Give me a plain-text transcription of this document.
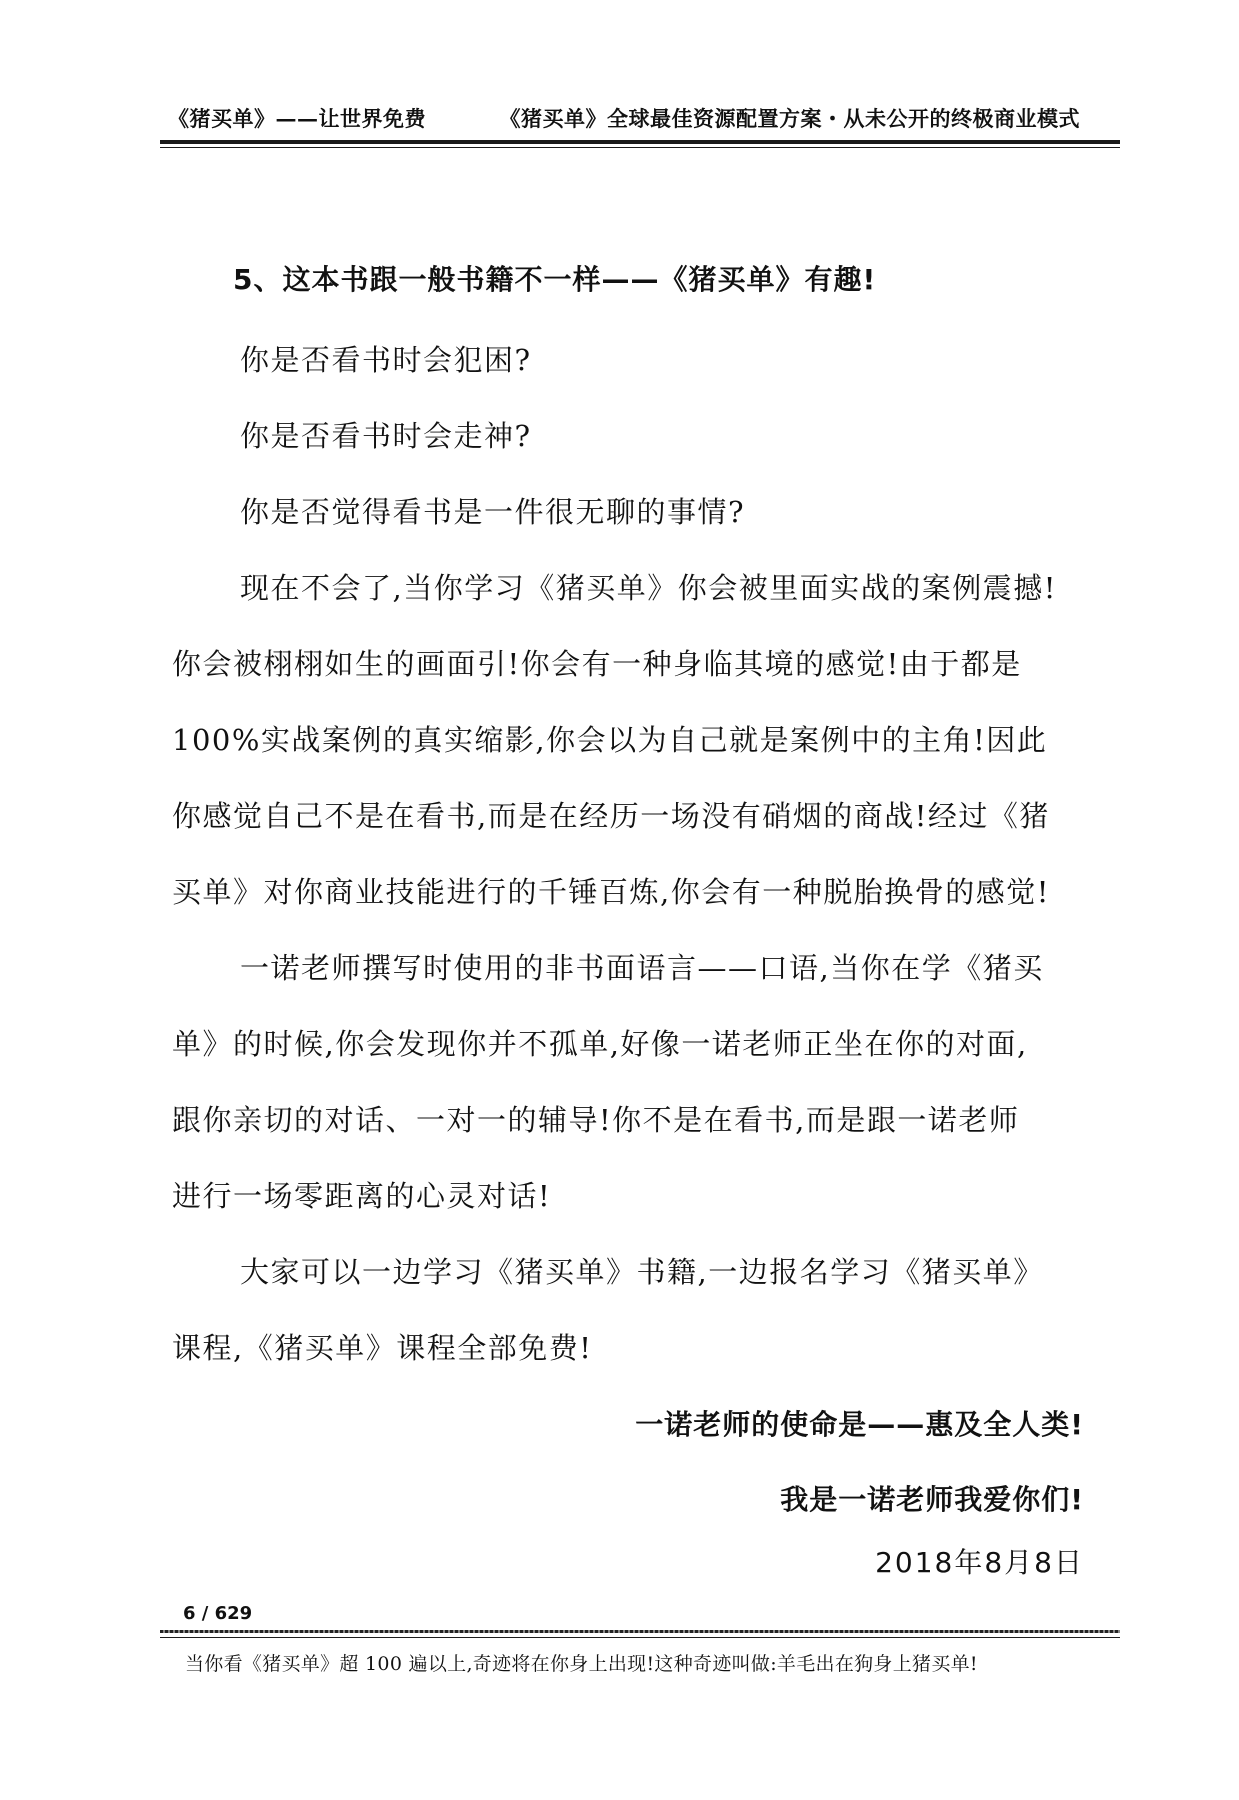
《猪买单》——让世界免费	《猪买单》全球最佳资源配置方案・从未公开的终极商业模式
5、这本书跟一般书籍不一样——《猪买单》有趣!
你是否看书时会犯困?
你是否看书时会走神?
你是否觉得看书是一件很无聊的事情?
现在不会了,当你学习《猪买单》你会被里面实战的案例震撼!
你会被栩栩如生的画面引!你会有一种身临其境的感觉!由于都是
100%实战案例的真实缩影,你会以为自己就是案例中的主角!因此
你感觉自己不是在看书,而是在经历一场没有硝烟的商战!经过《猪
买单》对你商业技能进行的千锤百炼,你会有一种脱胎换骨的感觉!
一诺老师撰写时使用的非书面语言——口语,当你在学《猪买
单》的时候,你会发现你并不孤单,好像一诺老师正坐在你的对面,
跟你亲切的对话、一对一的辅导!你不是在看书,而是跟一诺老师
进行一场零距离的心灵对话!
大家可以一边学习《猪买单》书籍,一边报名学习《猪买单》
课程,《猪买单》课程全部免费!
一诺老师的使命是——惠及全人类!
我是一诺老师我爱你们!
2018年8月8日
6 / 629
当你看《猪买单》超 100 遍以上,奇迹将在你身上出现!这种奇迹叫做:羊毛出在狗身上猪买单!
